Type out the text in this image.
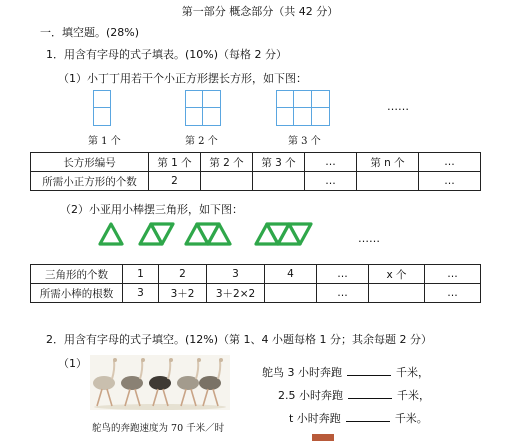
第一部分 概念部分（共 42 分）
一．填空题。(28%)
1．用含有字母的式子填表。(10%)（每格 2 分）
（1）小丁丁用若干个小正方形摆长方形，如下图：
……
第 1 个	第 2 个	第 3 个
长方形编号	第 1 个	第 2 个	第 3 个	…	第 n 个	…
所需小正方形的个数	2			…		…
（2）小亚用小棒摆三角形，如下图：
……
三角形的个数	1	2	3	4	…	x 个	…
所需小棒的根数	3	3＋2	3＋2×2		…		…
2．用含有字母的式子填空。(12%)（第 1、4 小题每格 1 分；其余每题 2 分）
（1）
鸵鸟的奔跑速度为 70 千米／时
鸵鸟 3 小时奔跑	千米，
2.5 小时奔跑	千米，
t 小时奔跑	千米。
